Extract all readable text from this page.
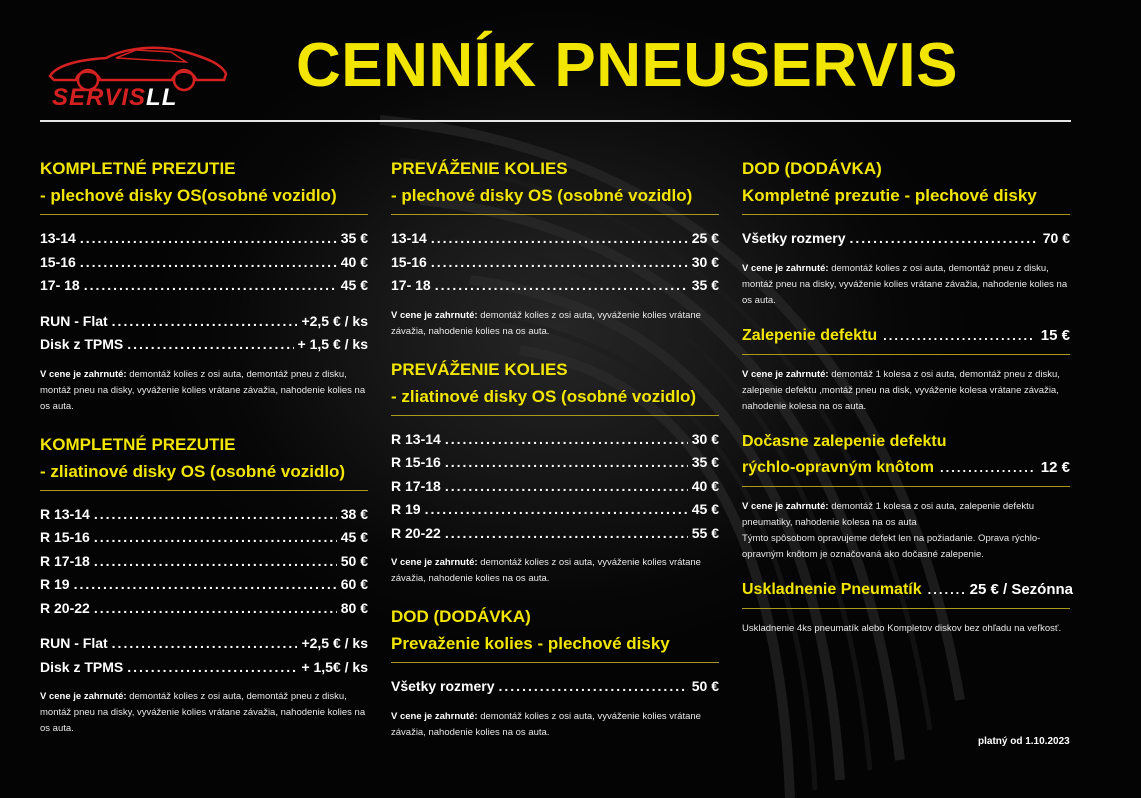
SERVISLL CENNÍK PNEUSERVIS
KOMPLETNÉ PREZUTIE
- plechové disky OS(osobné vozidlo)
13-14 .....	35 €
15-16 .....	40 €
17- 18 .....	45 €
RUN - Flat .....	+2,5 € / ks
Disk z TPMS .....	+ 1,5 € / ks
V cene je zahrnuté: demontáž kolies z osi auta, demontáž pneu z disku, montáž pneu na disky, vyváženie kolies vrátane závažia, nahodenie kolies na os auta.
KOMPLETNÉ PREZUTIE
- zliatinové disky OS (osobné vozidlo)
R 13-14 .....	38 €
R 15-16 .....	45 €
R 17-18 .....	50 €
R 19 .....	60 €
R 20-22 .....	80 €
RUN - Flat .....	+2,5 € / ks
Disk z TPMS .....	+ 1,5€ / ks
V cene je zahrnuté: demontáž kolies z osi auta, demontáž pneu z disku, montáž pneu na disky, vyváženie kolies vrátane závažia, nahodenie kolies na os auta.
PREVÁŽENIE KOLIES
- plechové disky OS (osobné vozidlo)
13-14 .....	25 €
15-16 .....	30 €
17- 18 .....	35 €
V cene je zahrnuté: demontáž kolies z osi auta, vyváženie kolies vrátane závažia, nahodenie kolies na os auta.
PREVÁŽENIE KOLIES
- zliatinové disky OS (osobné vozidlo)
R 13-14 .....	30 €
R 15-16 .....	35 €
R 17-18 .....	40 €
R 19 .....	45 €
R 20-22 .....	55 €
V cene je zahrnuté: demontáž kolies z osi auta, vyváženie kolies vrátane závažia, nahodenie kolies na os auta.
DOD (DODÁVKA)
Prevaženie kolies - plechové disky
Všetky rozmery .....	50 €
V cene je zahrnuté: demontáž kolies z osi auta, vyváženie kolies vrátane závažia, nahodenie kolies na os auta.
DOD (DODÁVKA)
Kompletné prezutie - plechové disky
Všetky rozmery .....	70 €
V cene je zahrnuté: demontáž kolies z osi auta, demontáž pneu z disku, montáž pneu na disky, vyváženie kolies vrátane závažia, nahodenie kolies na os auta.
Zalepenie defektu .....	15 €
V cene je zahrnuté: demontáž 1 kolesa z osi auta, demontáž pneu z disku, zalepenie defektu ,montáž pneu na disk, vyváženie kolesa vrátane závažia, nahodenie kolesa na os auta.
Dočasne zalepenie defektu
rýchlo-opravným knôtom .....	12 €
V cene je zahrnuté: demontáž 1 kolesa z osi auta, zalepenie defektu pneumatiky, nahodenie kolesa na os auta
Týmto spôsobom opravujeme defekt len na požiadanie. Oprava rýchlo-opravným knôtom je označovaná ako dočasné zalepenie.
Uskladnenie Pneumatík .....	25 € / Sezónna
Uskladnenie 4ks pneumatík alebo Kompletov diskov bez ohľadu na veľkosť.
platný od 1.10.2023
